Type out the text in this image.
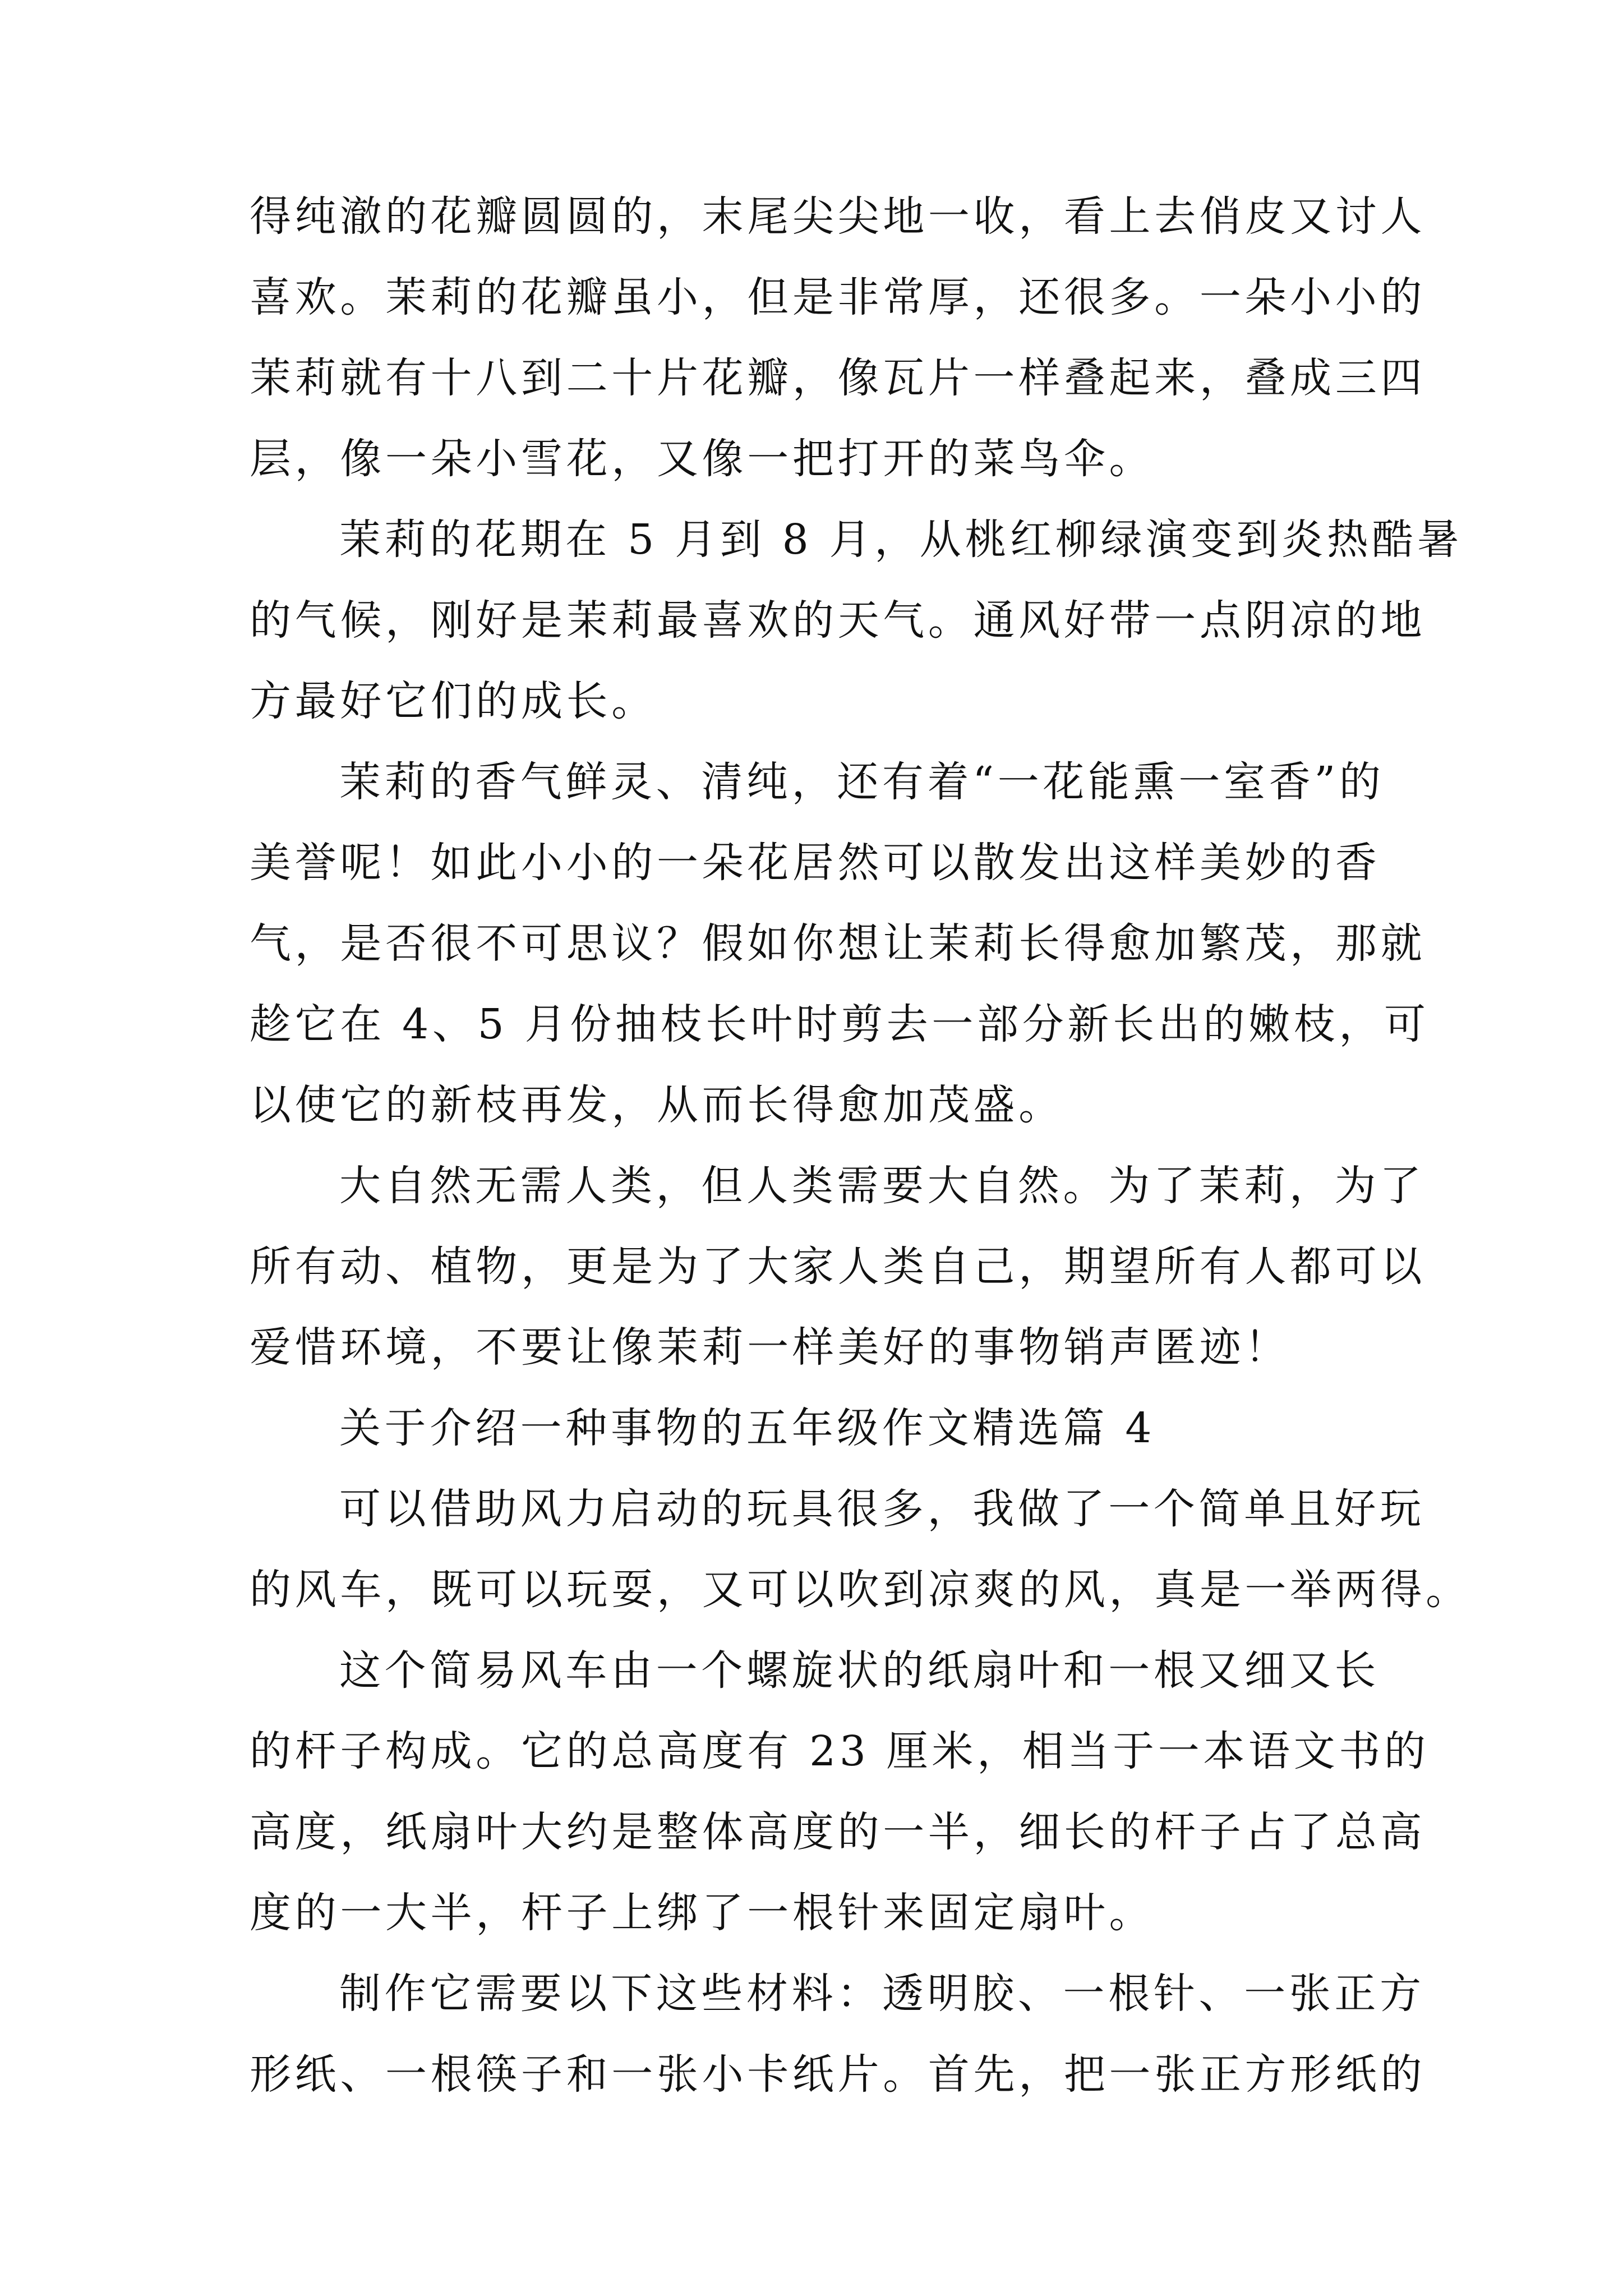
得纯澈的花瓣圆圆的，末尾尖尖地一收，看上去俏皮又讨人
喜欢。茉莉的花瓣虽小，但是非常厚，还很多。一朵小小的
茉莉就有十八到二十片花瓣，像瓦片一样叠起来，叠成三四
层，像一朵小雪花，又像一把打开的菜鸟伞。
茉莉的花期在 5 月到 8 月，从桃红柳绿演变到炎热酷暑
的气候，刚好是茉莉最喜欢的天气。通风好带一点阴凉的地
方最好它们的成长。
茉莉的香气鲜灵、清纯，还有着“一花能熏一室香”的
美誉呢！如此小小的一朵花居然可以散发出这样美妙的香
气，是否很不可思议？假如你想让茉莉长得愈加繁茂，那就
趁它在 4、5 月份抽枝长叶时剪去一部分新长出的嫩枝，可
以使它的新枝再发，从而长得愈加茂盛。
大自然无需人类，但人类需要大自然。为了茉莉，为了
所有动、植物，更是为了大家人类自己，期望所有人都可以
爱惜环境，不要让像茉莉一样美好的事物销声匿迹！
关于介绍一种事物的五年级作文精选篇 4
可以借助风力启动的玩具很多，我做了一个简单且好玩
的风车，既可以玩耍，又可以吹到凉爽的风，真是一举两得。
这个简易风车由一个螺旋状的纸扇叶和一根又细又长
的杆子构成。它的总高度有 23 厘米，相当于一本语文书的
高度，纸扇叶大约是整体高度的一半，细长的杆子占了总高
度的一大半，杆子上绑了一根针来固定扇叶。
制作它需要以下这些材料：透明胶、一根针、一张正方
形纸、一根筷子和一张小卡纸片。首先，把一张正方形纸的
